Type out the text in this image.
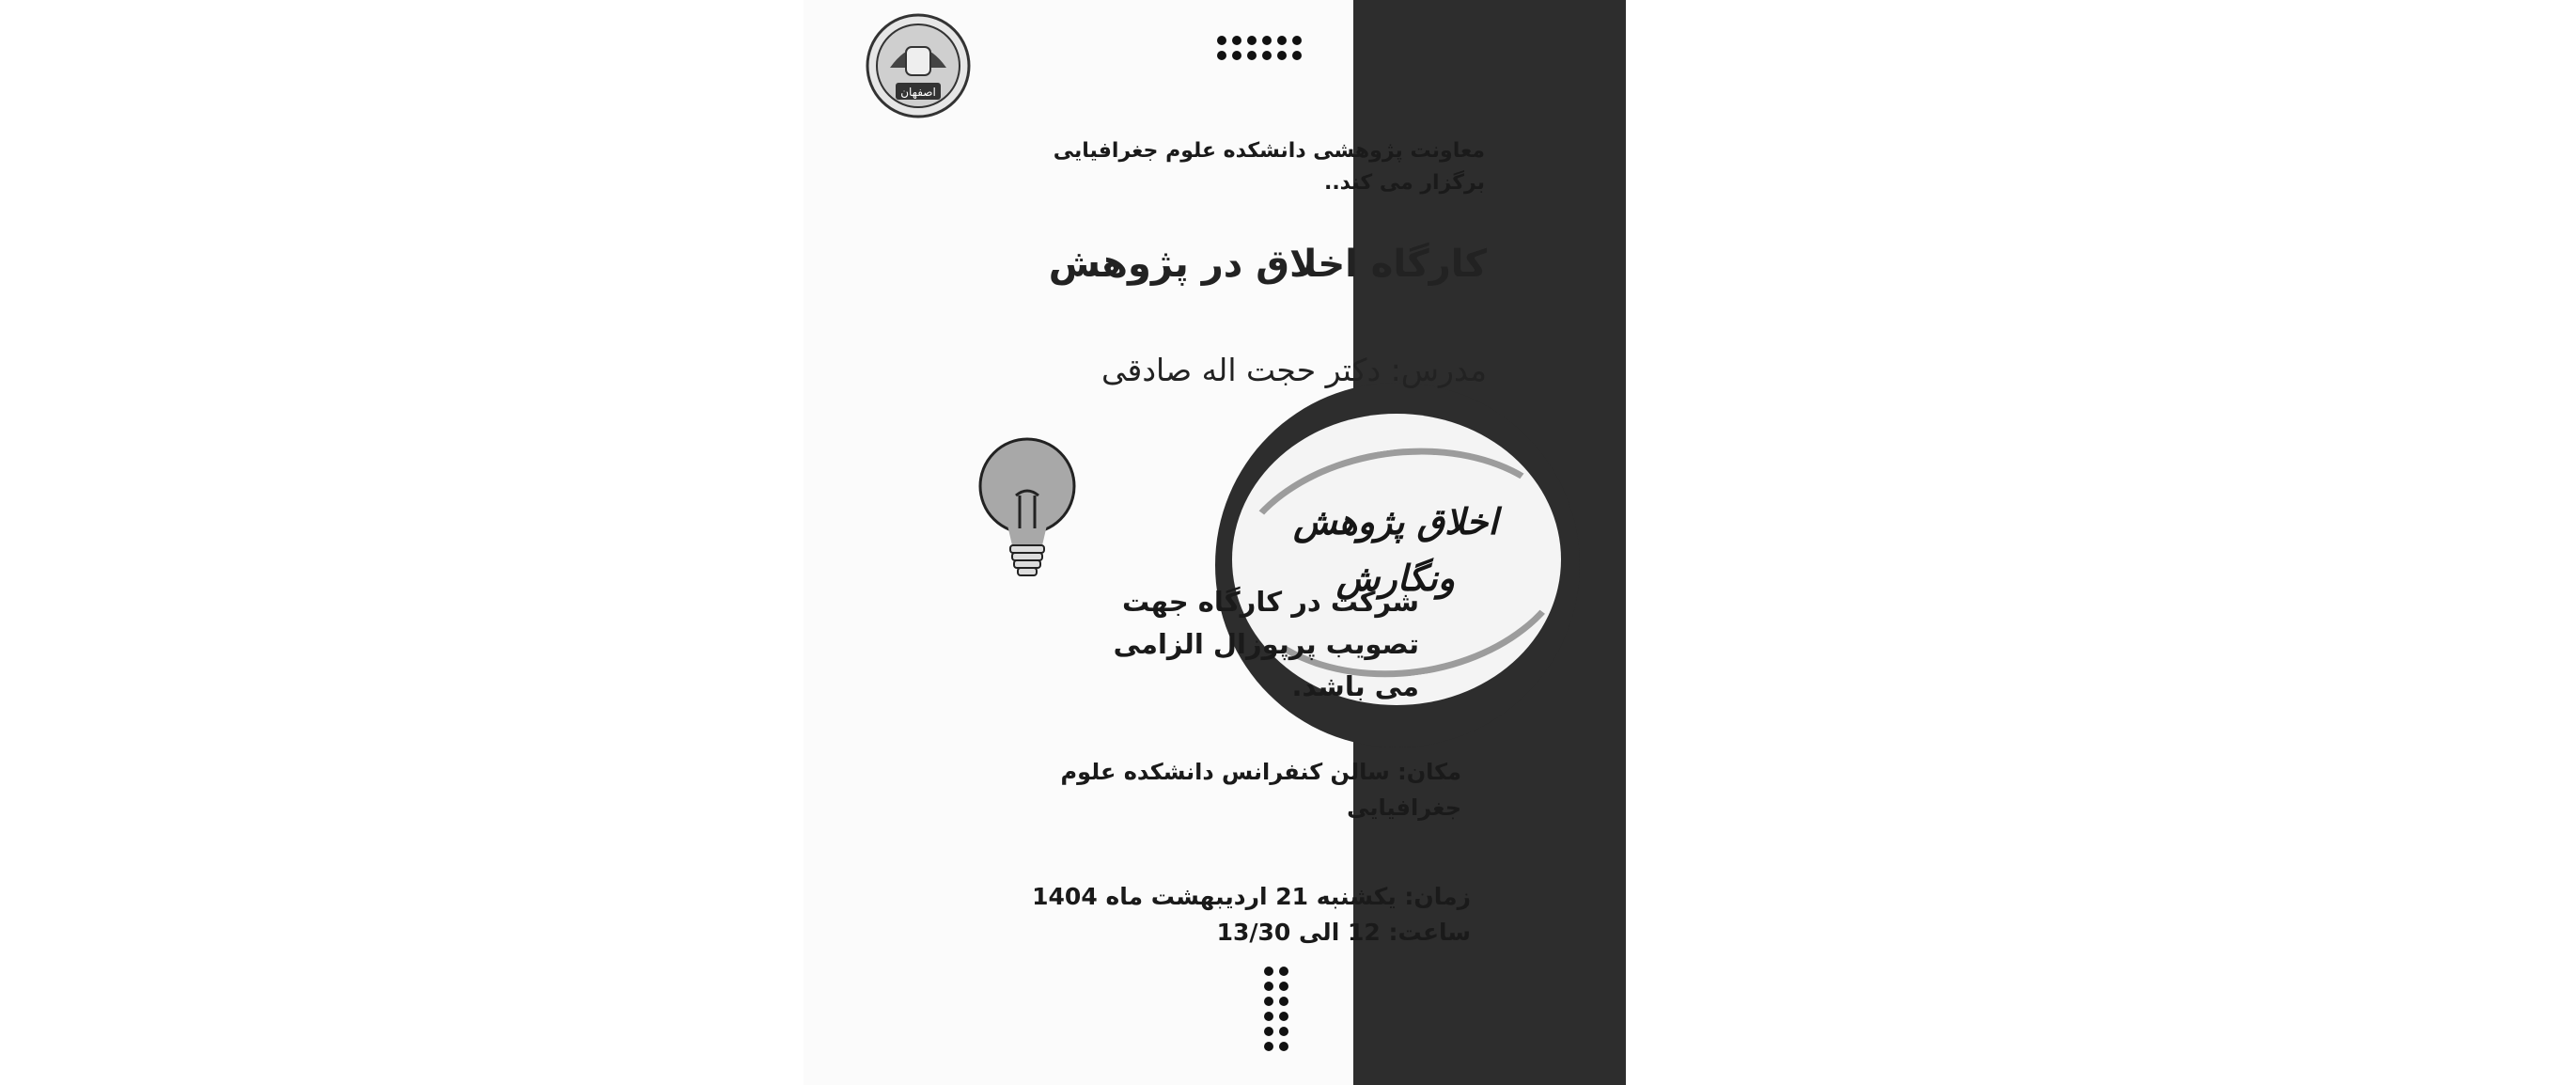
اخلاق پژوهش
ونگارش
اصفهان
معاونت پژوهشی دانشکده علوم جغرافیایی
برگزار می کند..
کارگاه اخلاق در پژوهش
مدرس: دکتر حجت اله صادقی
شرکت در کارگاه جهت
تصویب پرپوزال الزامی
می باشد.
مکان: سالن کنفرانس دانشکده علوم
جغرافیایی
زمان: یکشنبه 21 اردیبهشت ماه 1404
ساعت: 12 الی 13/30
